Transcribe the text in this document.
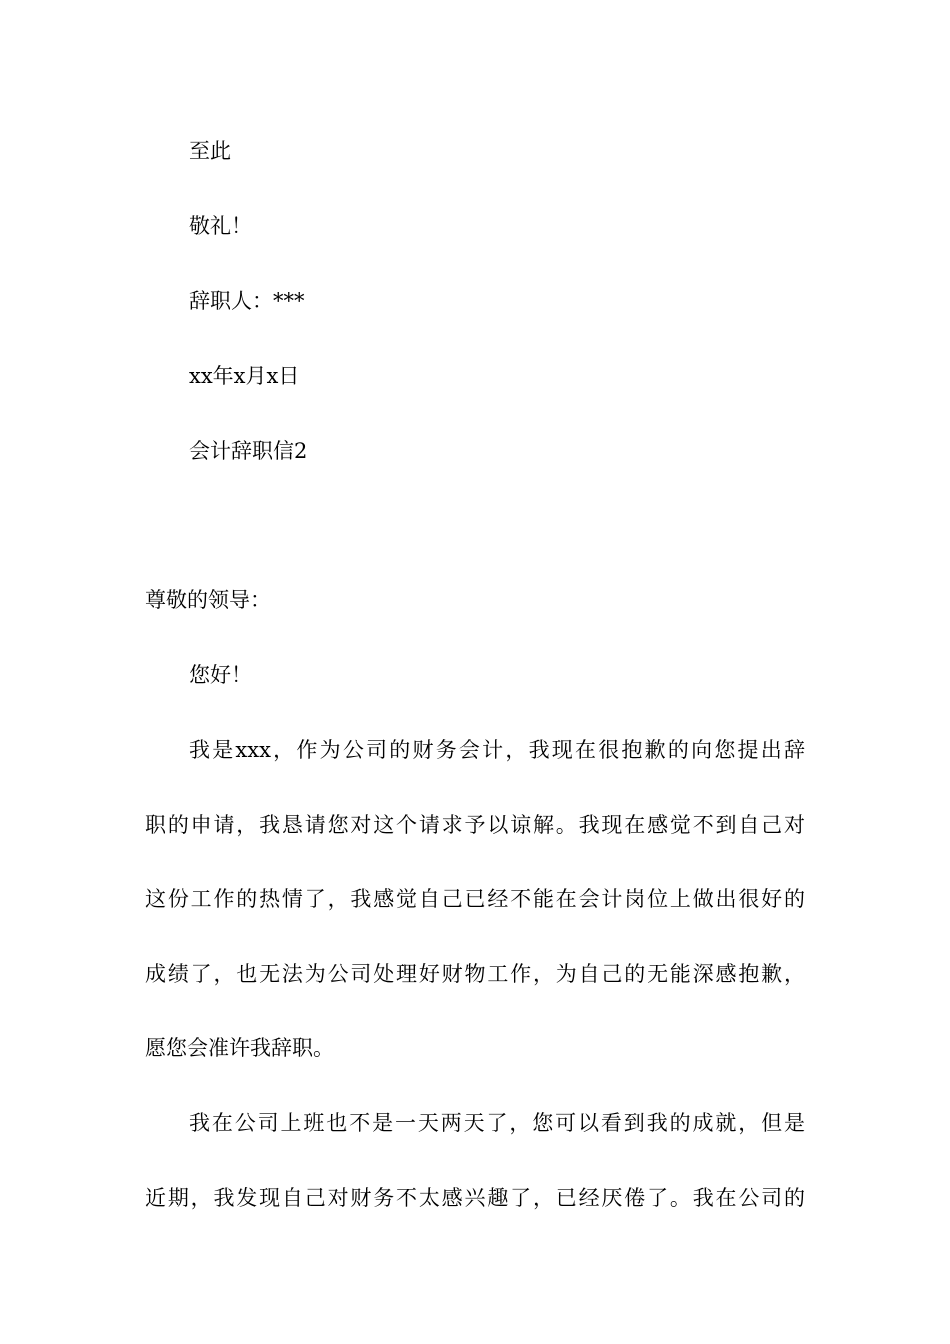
至此
敬礼！
辞职人：***
xx年x月x日
会计辞职信2
尊敬的领导：
您好！
我是xxx，作为公司的财务会计，我现在很抱歉的向您提出辞
职的申请，我恳请您对这个请求予以谅解。我现在感觉不到自己对
这份工作的热情了，我感觉自己已经不能在会计岗位上做出很好的
成绩了，也无法为公司处理好财物工作，为自己的无能深感抱歉，
愿您会准许我辞职。
我在公司上班也不是一天两天了，您可以看到我的成就，但是
近期，我发现自己对财务不太感兴趣了，已经厌倦了。我在公司的
